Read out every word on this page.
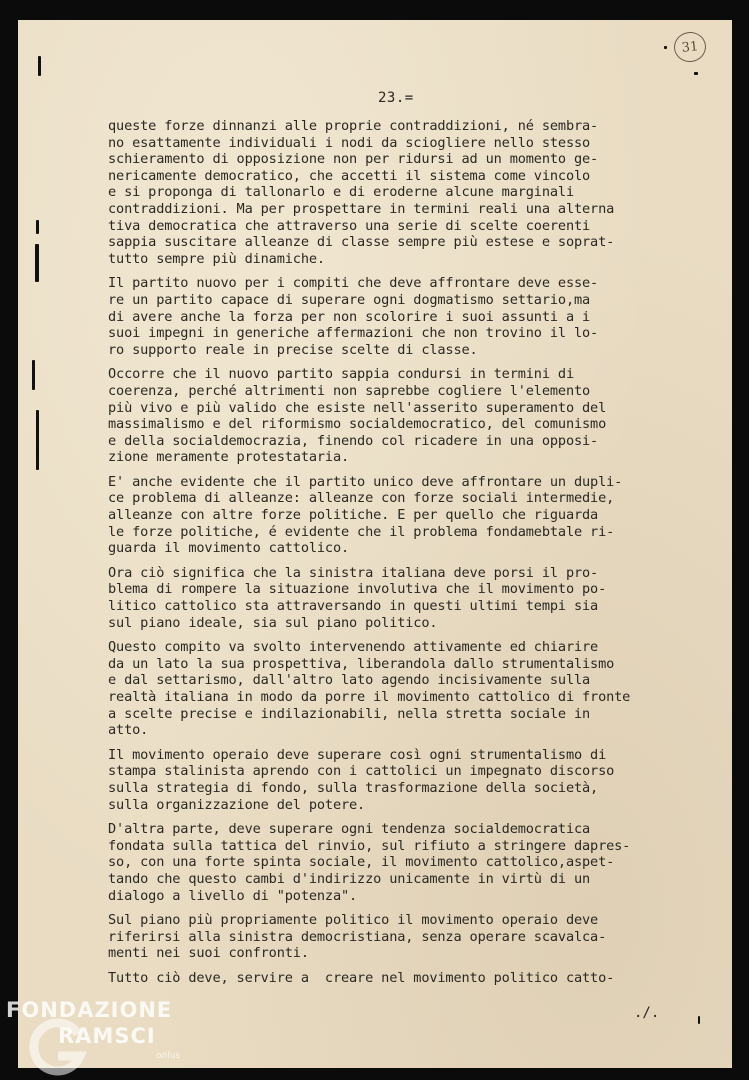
31
23.=
queste forze dinnanzi alle proprie contraddizioni, né sembra-
no esattamente individuali i nodi da sciogliere nello stesso
schieramento di opposizione non per ridursi ad un momento ge-
nericamente democratico, che accetti il sistema come vincolo
e si proponga di tallonarlo e di eroderne alcune marginali
contraddizioni. Ma per prospettare in termini reali una alterna
tiva democratica che attraverso una serie di scelte coerenti
sappia suscitare alleanze di classe sempre più estese e soprat-
tutto sempre più dinamiche.
Il partito nuovo per i compiti che deve affrontare deve esse-
re un partito capace di superare ogni dogmatismo settario,ma
di avere anche la forza per non scolorire i suoi assunti a i
suoi impegni in generiche affermazioni che non trovino il lo-
ro supporto reale in precise scelte di classe.
Occorre che il nuovo partito sappia condursi in termini di
coerenza, perché altrimenti non saprebbe cogliere l'elemento
più vivo e più valido che esiste nell'asserito superamento del
massimalismo e del riformismo socialdemocratico, del comunismo
e della socialdemocrazia, finendo col ricadere in una opposi-
zione meramente protestataria.
E' anche evidente che il partito unico deve affrontare un dupli-
ce problema di alleanze: alleanze con forze sociali intermedie,
alleanze con altre forze politiche. E per quello che riguarda
le forze politiche, é evidente che il problema fondamebtale ri-
guarda il movimento cattolico.
Ora ciò significa che la sinistra italiana deve porsi il pro-
blema di rompere la situazione involutiva che il movimento po-
litico cattolico sta attraversando in questi ultimi tempi sia
sul piano ideale, sia sul piano politico.
Questo compito va svolto intervenendo attivamente ed chiarire
da un lato la sua prospettiva, liberandola dallo strumentalismo
e dal settarismo, dall'altro lato agendo incisivamente sulla
realtà italiana in modo da porre il movimento cattolico di fronte
a scelte precise e indilazionabili, nella stretta sociale in
atto.
Il movimento operaio deve superare così ogni strumentalismo di
stampa stalinista aprendo con i cattolici un impegnato discorso
sulla strategia di fondo, sulla trasformazione della società,
sulla organizzazione del potere.
D'altra parte, deve superare ogni tendenza socialdemocratica
fondata sulla tattica del rinvio, sul rifiuto a stringere dapres-
so, con una forte spinta sociale, il movimento cattolico,aspet-
tando che questo cambi d'indirizzo unicamente in virtù di un
dialogo a livello di "potenza".
Sul piano più propriamente politico il movimento operaio deve
riferirsi alla sinistra democristiana, senza operare scavalca-
menti nei suoi confronti.
Tutto ciò deve, servire a  creare nel movimento politico catto-
./.
FONDAZIONE
RAMSCI
onlus
